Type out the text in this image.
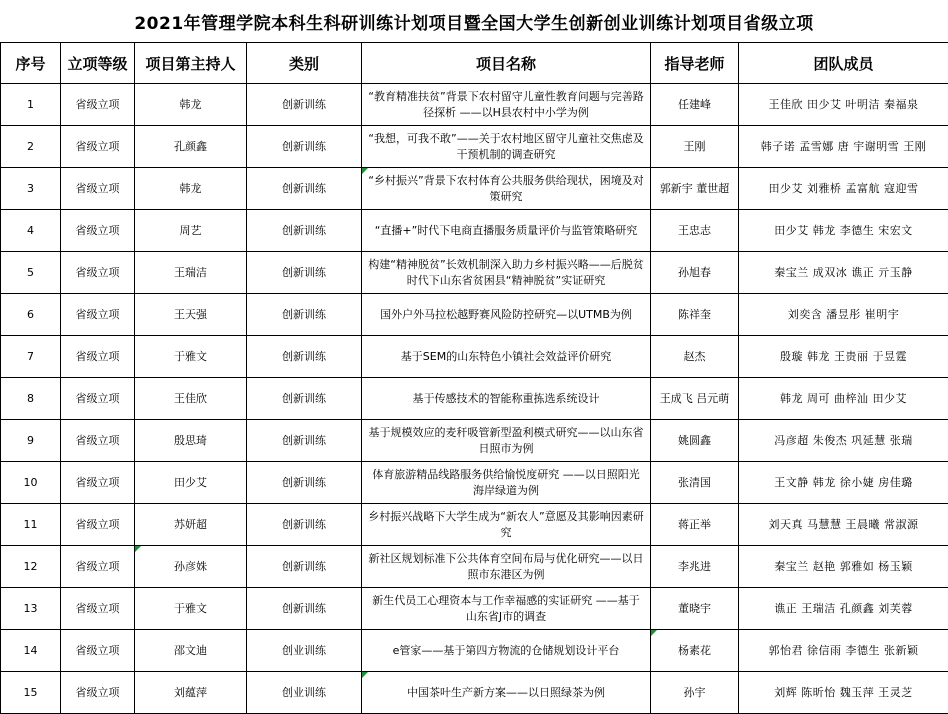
2021年管理学院本科生科研训练计划项目暨全国大学生创新创业训练计划项目省级立项
序号	立项等级	项目第主持人	类别	项目名称	指导老师	团队成员
1	省级立项	韩龙	创新训练	“教育精准扶贫”背景下农村留守儿童性教育问题与完善路径探析 ——以H县农村中小学为例	任建峰	王佳欣 田少艾 叶明洁 秦福泉
2	省级立项	孔颜鑫	创新训练	“我想，可我不敢”——关于农村地区留守儿童社交焦虑及干预机制的调查研究	王刚	韩子诺 孟雪娜 唐 宇谢明雪 王刚
3	省级立项	韩龙	创新训练	“乡村振兴”背景下农村体育公共服务供给现状，困境及对策研究	郭新宇 董世超	田少艾 刘雅桥 孟富航 寇迎雪
4	省级立项	周艺	创新训练	“直播+”时代下电商直播服务质量评价与监管策略研究	王忠志	田少艾 韩龙 李德生 宋宏文
5	省级立项	王瑞洁	创新训练	构建“精神脱贫”长效机制深入助力乡村振兴略——后脱贫时代下山东省贫困县“精神脱贫”实证研究	孙旭春	秦宝兰 成双冰 谯正 亓玉静
6	省级立项	王天强	创新训练	国外户外马拉松越野赛风险防控研究—以UTMB为例	陈祥奎	刘奕含 潘昱彤 崔明宇
7	省级立项	于雅文	创新训练	基于SEM的山东特色小镇社会效益评价研究	赵杰	殷璇 韩龙 王贵丽 于昱霆
8	省级立项	王佳欣	创新训练	基于传感技术的智能称重拣选系统设计	王成飞 吕元萌	韩龙 周可 曲梓汕 田少艾
9	省级立项	殷思琦	创新训练	基于规模效应的麦秆吸管新型盈利模式研究——以山东省日照市为例	姚圆鑫	冯彦超 朱俊杰 巩延慧 张瑞
10	省级立项	田少艾	创新训练	体育旅游精品线路服务供给愉悦度研究 ——以日照阳光海岸绿道为例	张清国	王文静 韩龙 徐小婕 房佳璐
11	省级立项	苏妍超	创新训练	乡村振兴战略下大学生成为“新农人”意愿及其影响因素研究	蒋正举	刘天真 马慧慧 王晨曦 常淑源
12	省级立项	孙彦姝	创新训练	新社区规划标准下公共体育空间布局与优化研究——以日照市东港区为例	李兆进	秦宝兰 赵艳 郭雅如 杨玉颖
13	省级立项	于雅文	创新训练	新生代员工心理资本与工作幸福感的实证研究 ——基于山东省J市的调查	董晓宇	谯正 王瑞洁 孔颜鑫 刘芙蓉
14	省级立项	邵文迪	创业训练	e管家——基于第四方物流的仓储规划设计平台	杨素花	郭怡君 徐信雨 李德生 张新颖
15	省级立项	刘蕴萍	创业训练	中国茶叶生产新方案——以日照绿茶为例	孙宇	刘辉 陈昕怡 魏玉萍 王灵芝
